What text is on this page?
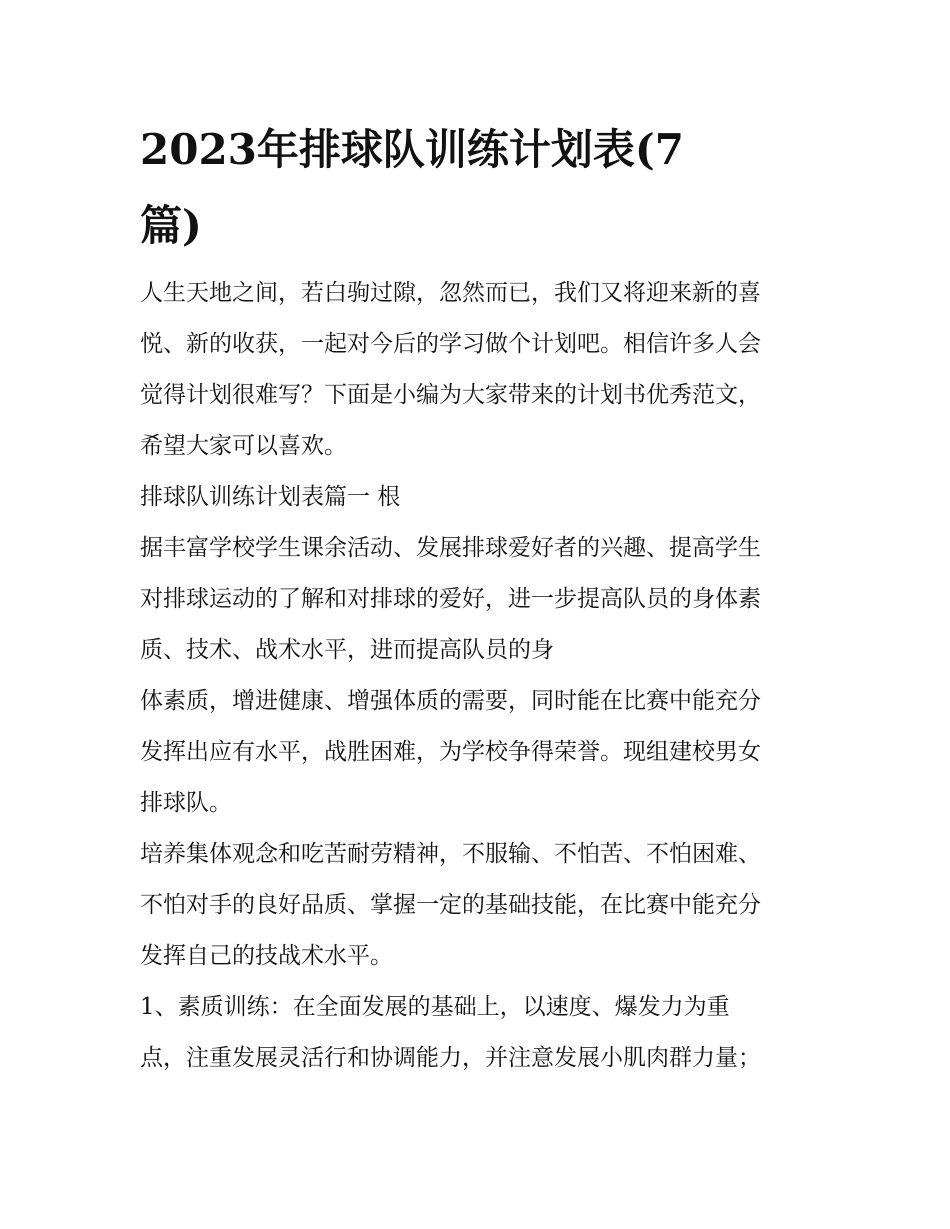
2023年排球队训练计划表(7
篇)

人生天地之间，若白驹过隙，忽然而已，我们又将迎来新的喜
悦、新的收获，一起对今后的学习做个计划吧。相信许多人会
觉得计划很难写？下面是小编为大家带来的计划书优秀范文，
希望大家可以喜欢。

排球队训练计划表篇一 根

据丰富学校学生课余活动、发展排球爱好者的兴趣、提高学生
对排球运动的了解和对排球的爱好，进一步提高队员的身体素
质、技术、战术水平，进而提高队员的身

体素质，增进健康、增强体质的需要，同时能在比赛中能充分
发挥出应有水平，战胜困难，为学校争得荣誉。现组建校男女
排球队。

培养集体观念和吃苦耐劳精神，不服输、不怕苦、不怕困难、
不怕对手的良好品质、掌握一定的基础技能，在比赛中能充分
发挥自己的技战术水平。

1、素质训练：在全面发展的基础上，以速度、爆发力为重
点，注重发展灵活行和协调能力，并注意发展小肌肉群力量；
